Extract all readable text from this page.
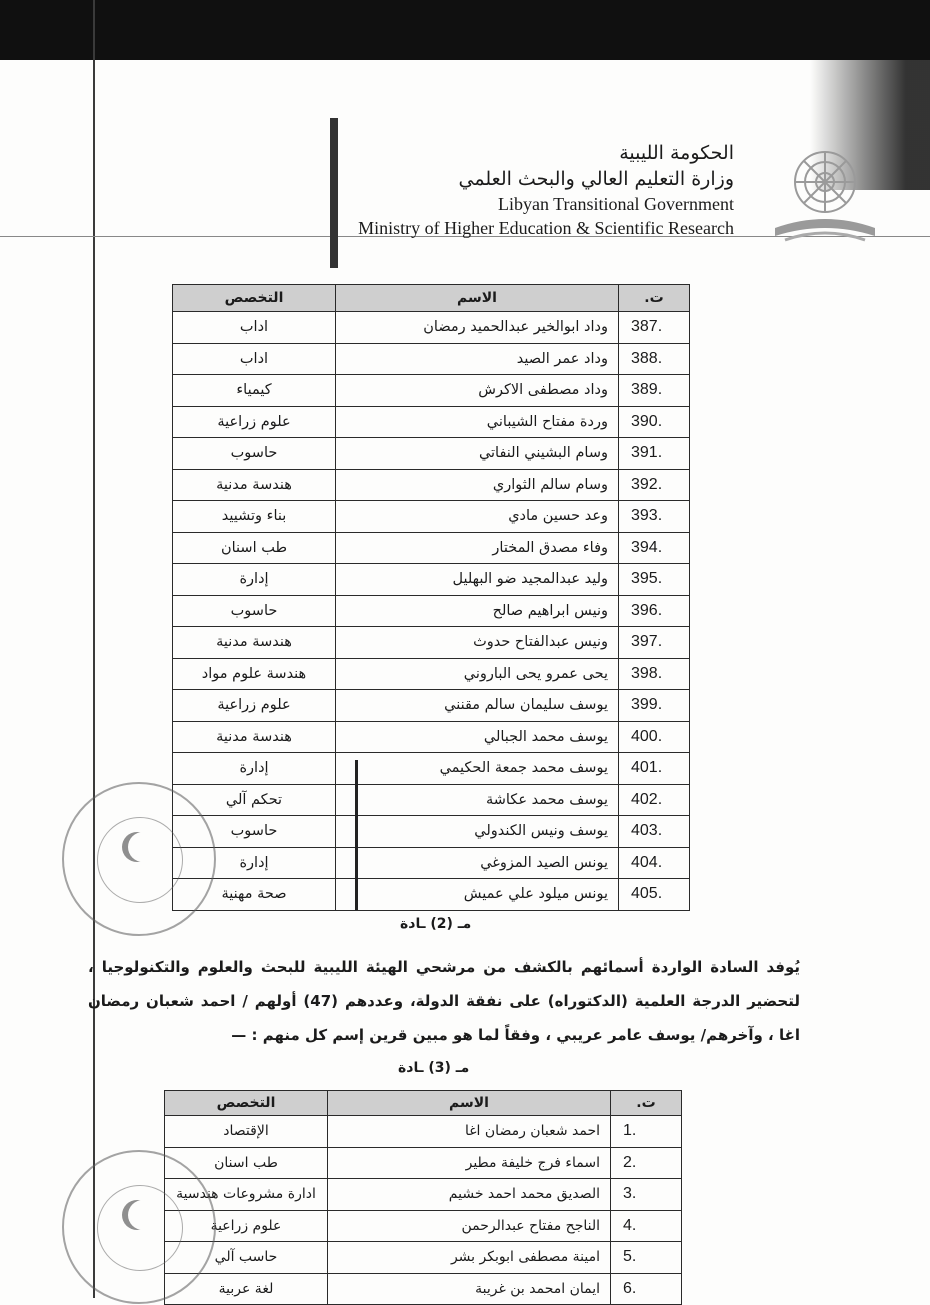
الحكومة الليبية
وزارة التعليم العالي والبحث العلمي
Libyan Transitional Government
Ministry of Higher Education & Scientific Research
ت.	الاسم	التخصص
387.	وداد ابوالخير عبدالحميد رمضان	اداب
388.	وداد عمر الصيد	اداب
389.	وداد مصطفى الاكرش	كيمياء
390.	وردة مفتاح الشيباني	علوم زراعية
391.	وسام البشيني النفاتي	حاسوب
392.	وسام سالم الثواري	هندسة مدنية
393.	وعد حسين مادي	بناء وتشييد
394.	وفاء مصدق المختار	طب اسنان
395.	وليد عبدالمجيد ضو البهليل	إدارة
396.	ونيس ابراهيم صالح	حاسوب
397.	ونيس عبدالفتاح حدوث	هندسة مدنية
398.	يحى عمرو يحى الباروني	هندسة علوم مواد
399.	يوسف سليمان سالم مقنني	علوم زراعية
400.	يوسف محمد الجبالي	هندسة مدنية
401.	يوسف محمد جمعة الحكيمي	إدارة
402.	يوسف محمد عكاشة	تحكم آلي
403.	يوسف ونيس الكندولي	حاسوب
404.	يونس الصيد المزوغي	إدارة
405.	يونس ميلود علي عميش	صحة مهنية
مـ (2) ـادة
يُوفد السادة الواردة أسمائهم بالكشف من مرشحي الهيئة الليبية للبحث والعلوم والتكنولوجيا ، لتحضير الدرجة العلمية (الدكتوراه) على نفقة الدولة، وعددهم (47) أولهم / احمد شعبان رمضان اغا ، وآخرهم/ يوسف عامر عريبي ، وفقاً لما هو مبين قرين إسم كل منهم : —
مـ (3) ـادة
ت.	الاسم	التخصص
1.	احمد شعبان رمضان اغا	الإقتصاد
2.	اسماء فرج خليفة مطير	طب اسنان
3.	الصديق محمد احمد خشيم	ادارة مشروعات هندسية
4.	الناجح مفتاح عبدالرحمن	علوم زراعية
5.	امينة مصطفى ابوبكر بشر	حاسب آلي
6.	ايمان امحمد بن غريبة	لغة عربية
